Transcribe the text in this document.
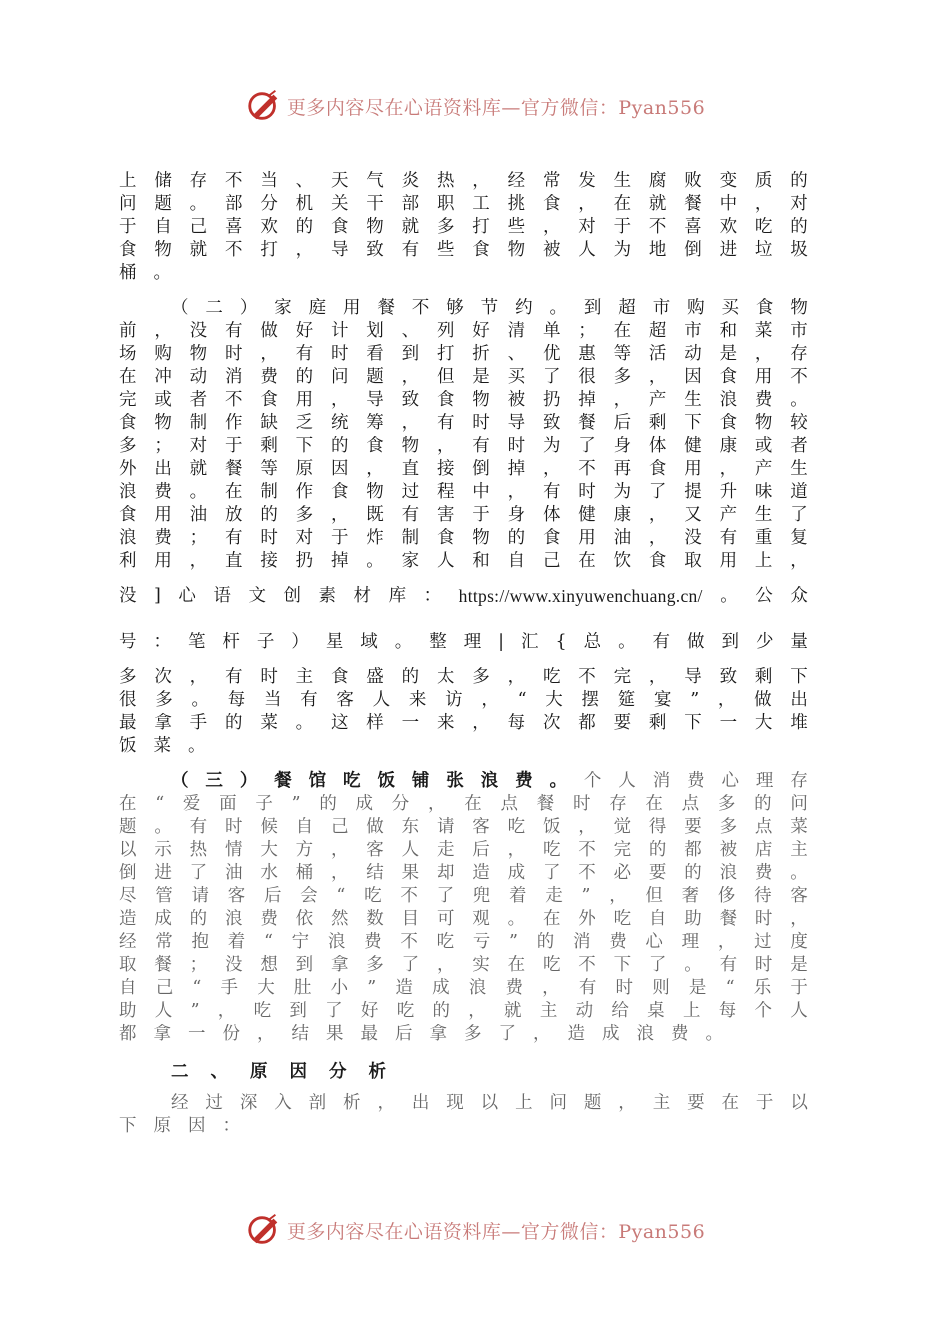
更多内容尽在心语资料库—官方微信：Pyan556
上 储 存 不 当 、 天 气 炎 热 ， 经 常 发 生 腐 败 变 质 的
问 题 。 部 分 机 关 干 部 职 工 挑 食 ， 在 就 餐 中 ， 对
于 自 己 喜 欢 的 食 物 就 多 打 些 ， 对 于 不 喜 欢 吃 的
食 物 就 不 打 ， 导 致 有 些 食 物 被 人 为 地 倒 进 垃 圾
桶 。
（ 二 ） 家 庭 用 餐 不 够 节 约 。 到 超 市 购 买 食 物
前 ， 没 有 做 好 计 划 、 列 好 清 单 ； 在 超 市 和 菜 市
场 购 物 时 ， 有 时 看 到 打 折 、 优 惠 等 活 动 是 ， 存
在 冲 动 消 费 的 问 题 ， 但 是 买 了 很 多 ， 因 食 用 不
完 或 者 不 食 用 ， 导 致 食 物 被 扔 掉 ， 产 生 浪 费 。
食 物 制 作 缺 乏 统 筹 ， 有 时 导 致 餐 后 剩 下 食 物 较
多 ； 对 于 剩 下 的 食 物 ， 有 时 为 了 身 体 健 康 或 者
外 出 就 餐 等 原 因 ， 直 接 倒 掉 ， 不 再 食 用 ， 产 生
浪 费 。 在 制 作 食 物 过 程 中 ， 有 时 为 了 提 升 味 道
食 用 油 放 的 多 ， 既 有 害 于 身 体 健 康 ， 又 产 生 了
浪 费 ； 有 时 对 于 炸 制 食 物 的 食 用 油 ， 没 有 重 复
利 用 ， 直 接 扔 掉 。 家 人 和 自 己 在 饮 食 取 用 上 ，
没 ] 心 语 文 创 素 材 库 ： https://www.xinyuwenchuang.cn/ 。 公 众
号 ： 笔 杆 子 ） 星 域 。 整 理 | 汇 { 总 。 有 做 到 少 量
多 次 ， 有 时 主 食 盛 的 太 多 ， 吃 不 完 ， 导 致 剩 下
很 多 。 每 当 有 客 人 来 访 ， “ 大 摆 筵 宴 ” ， 做 出
最 拿 手 的 菜 。 这 样 一 来 ， 每 次 都 要 剩 下 一 大 堆
饭 菜 。
（ 三 ） 餐 馆 吃 饭 铺 张 浪 费 。 个 人 消 费 心 理 存
在 “ 爱 面 子 ” 的 成 分 ， 在 点 餐 时 存 在 点 多 的 问
题 。 有 时 候 自 己 做 东 请 客 吃 饭 ， 觉 得 要 多 点 菜
以 示 热 情 大 方 ， 客 人 走 后 ， 吃 不 完 的 都 被 店 主
倒 进 了 油 水 桶 ， 结 果 却 造 成 了 不 必 要 的 浪 费 。
尽 管 请 客 后 会 “ 吃 不 了 兜 着 走 ” ， 但 奢 侈 待 客
造 成 的 浪 费 依 然 数 目 可 观 。 在 外 吃 自 助 餐 时 ，
经 常 抱 着 “ 宁 浪 费 不 吃 亏 ” 的 消 费 心 理 ， 过 度
取 餐 ； 没 想 到 拿 多 了 ， 实 在 吃 不 下 了 。 有 时 是
自 己 “ 手 大 肚 小 ” 造 成 浪 费 ， 有 时 则 是 “ 乐 于
助 人 ” ， 吃 到 了 好 吃 的 ， 就 主 动 给 桌 上 每 个 人
都 拿 一 份 ， 结 果 最 后 拿 多 了 ， 造 成 浪 费 。
二 、 原 因 分 析
经 过 深 入 剖 析 ， 出 现 以 上 问 题 ， 主 要 在 于 以
下 原 因 ：
更多内容尽在心语资料库—官方微信：Pyan556
